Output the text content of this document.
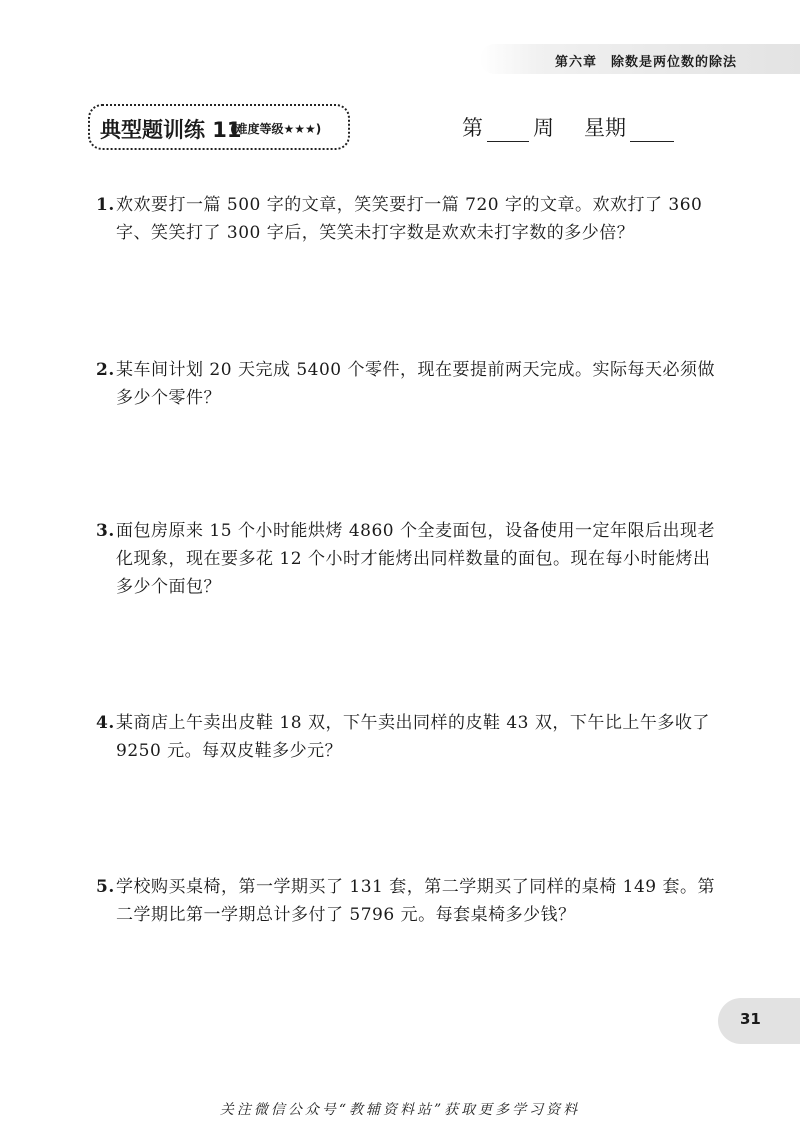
第六章 除数是两位数的除法
典型题训练 11
(难度等级★★★)	第 周 星期
1. 欢欢要打一篇 500 字的文章，笑笑要打一篇 720 字的文章。欢欢打了 360 字、笑笑打了 300 字后，笑笑未打字数是欢欢未打字数的多少倍？
2. 某车间计划 20 天完成 5400 个零件，现在要提前两天完成。实际每天必须做多少个零件？
3. 面包房原来 15 个小时能烘烤 4860 个全麦面包，设备使用一定年限后出现老化现象，现在要多花 12 个小时才能烤出同样数量的面包。现在每小时能烤出多少个面包？
4. 某商店上午卖出皮鞋 18 双，下午卖出同样的皮鞋 43 双，下午比上午多收了 9250 元。每双皮鞋多少元？
5. 学校购买桌椅，第一学期买了 131 套，第二学期买了同样的桌椅 149 套。第二学期比第一学期总计多付了 5796 元。每套桌椅多少钱？
31
关注微信公众号“教辅资料站”获取更多学习资料
